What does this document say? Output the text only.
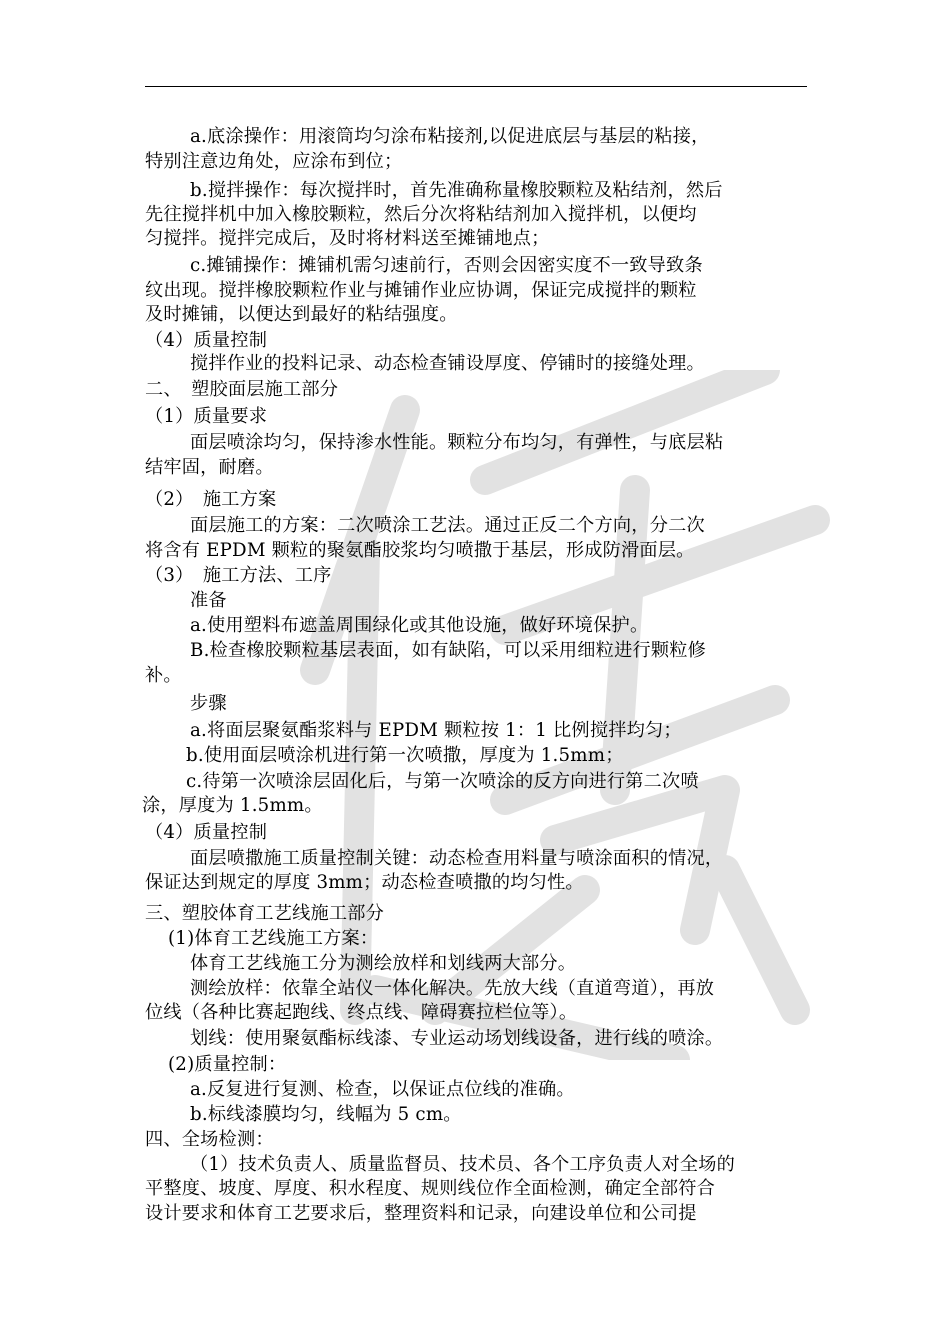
a.底涂操作：用滚筒均匀涂布粘接剂,以促进底层与基层的粘接，
特别注意边角处，应涂布到位；
b.搅拌操作：每次搅拌时，首先准确称量橡胶颗粒及粘结剂，然后
先往搅拌机中加入橡胶颗粒，然后分次将粘结剂加入搅拌机，以便均
匀搅拌。搅拌完成后，及时将材料送至摊铺地点；
c.摊铺操作：摊铺机需匀速前行，否则会因密实度不一致导致条
纹出现。搅拌橡胶颗粒作业与摊铺作业应协调，保证完成搅拌的颗粒
及时摊铺，以便达到最好的粘结强度。
（4）质量控制
搅拌作业的投料记录、动态检查铺设厚度、停铺时的接缝处理。
二、　塑胶面层施工部分
（1）质量要求
面层喷涂均匀，保持渗水性能。颗粒分布均匀，有弹性，与底层粘
结牢固，耐磨。
（2）　施工方案
面层施工的方案：二次喷涂工艺法。通过正反二个方向，分二次
将含有 EPDM 颗粒的聚氨酯胶浆均匀喷撒于基层，形成防滑面层。
（3）　施工方法、工序
准备
a.使用塑料布遮盖周围绿化或其他设施，做好环境保护。
B.检查橡胶颗粒基层表面，如有缺陷，可以采用细粒进行颗粒修
补。
步骤
a.将面层聚氨酯浆料与 EPDM 颗粒按 1：1 比例搅拌均匀；
b.使用面层喷涂机进行第一次喷撒，厚度为 1.5mm；
c.待第一次喷涂层固化后，与第一次喷涂的反方向进行第二次喷
涂，厚度为 1.5mm。
（4）质量控制
面层喷撒施工质量控制关键：动态检查用料量与喷涂面积的情况，
保证达到规定的厚度 3mm；动态检查喷撒的均匀性。
三、塑胶体育工艺线施工部分
(1)体育工艺线施工方案：
体育工艺线施工分为测绘放样和划线两大部分。
测绘放样：依靠全站仪一体化解决。先放大线（直道弯道），再放
位线（各种比赛起跑线、终点线、障碍赛拉栏位等）。
划线：使用聚氨酯标线漆、专业运动场划线设备，进行线的喷涂。
(2)质量控制：
a.反复进行复测、检查，以保证点位线的准确。
b.标线漆膜均匀，线幅为 5 cm。
四、全场检测：
（1）技术负责人、质量监督员、技术员、各个工序负责人对全场的
平整度、坡度、厚度、积水程度、规则线位作全面检测，确定全部符合
设计要求和体育工艺要求后，整理资料和记录，向建设单位和公司提
